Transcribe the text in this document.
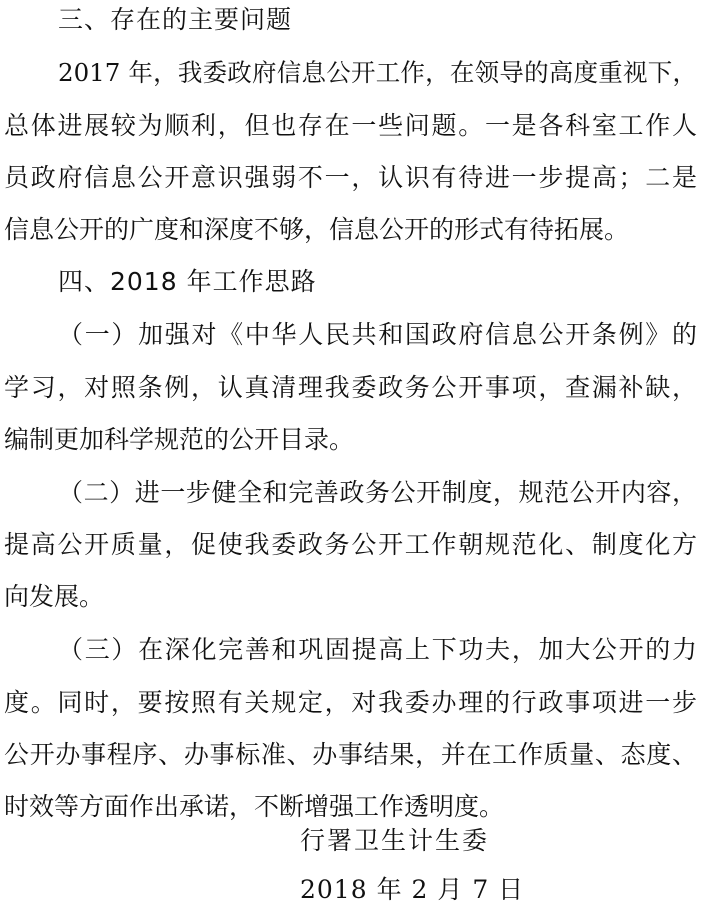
三、存在的主要问题
2017 年，我委政府信息公开工作，在领导的高度重视下，
总体进展较为顺利，但也存在一些问题。一是各科室工作人
员政府信息公开意识强弱不一，认识有待进一步提高；二是
信息公开的广度和深度不够，信息公开的形式有待拓展。
四、2018 年工作思路
（一）加强对《中华人民共和国政府信息公开条例》的
学习，对照条例，认真清理我委政务公开事项，查漏补缺，
编制更加科学规范的公开目录。
（二）进一步健全和完善政务公开制度，规范公开内容，
提高公开质量，促使我委政务公开工作朝规范化、制度化方
向发展。
（三）在深化完善和巩固提高上下功夫，加大公开的力
度。同时，要按照有关规定，对我委办理的行政事项进一步
公开办事程序、办事标准、办事结果，并在工作质量、态度、
时效等方面作出承诺，不断增强工作透明度。
行署卫生计生委
2018 年 2 月 7 日
